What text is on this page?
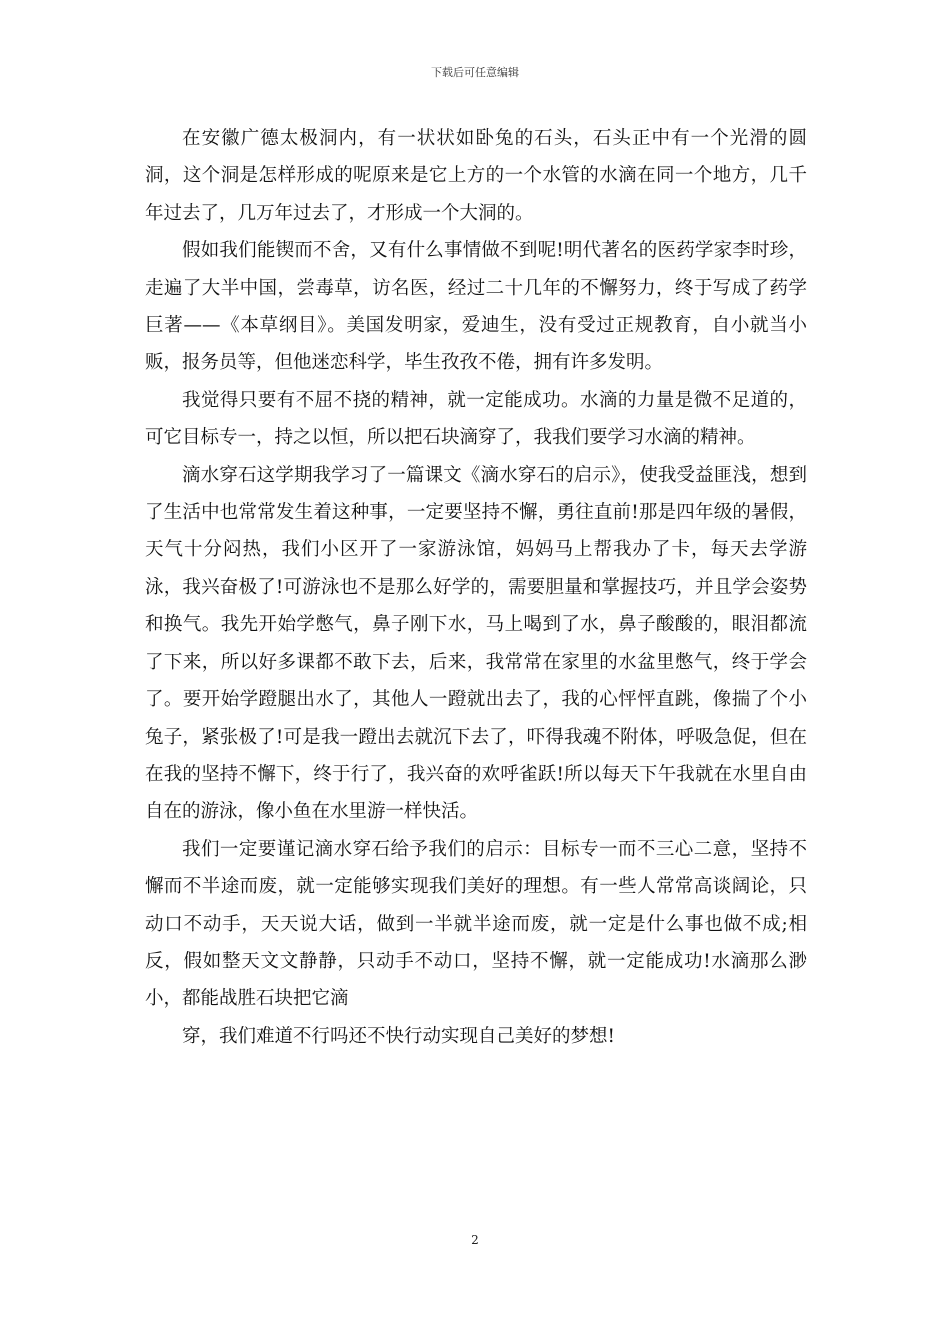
下载后可任意编辑

在安徽广德太极洞内，有一状状如卧兔的石头，石头正中有一个光滑的圆洞，这个洞是怎样形成的呢原来是它上方的一个水管的水滴在同一个地方，几千年过去了，几万年过去了，才形成一个大洞的。

假如我们能锲而不舍，又有什么事情做不到呢!明代著名的医药学家李时珍，走遍了大半中国，尝毒草，访名医，经过二十几年的不懈努力，终于写成了药学巨著——《本草纲目》。美国发明家，爱迪生，没有受过正规教育，自小就当小贩，报务员等，但他迷恋科学，毕生孜孜不倦，拥有许多发明。

我觉得只要有不屈不挠的精神，就一定能成功。水滴的力量是微不足道的，可它目标专一，持之以恒，所以把石块滴穿了，我我们要学习水滴的精神。

滴水穿石这学期我学习了一篇课文《滴水穿石的启示》，使我受益匪浅，想到了生活中也常常发生着这种事，一定要坚持不懈，勇往直前!那是四年级的暑假，天气十分闷热，我们小区开了一家游泳馆，妈妈马上帮我办了卡，每天去学游泳，我兴奋极了!可游泳也不是那么好学的，需要胆量和掌握技巧，并且学会姿势和换气。我先开始学憋气，鼻子刚下水，马上喝到了水，鼻子酸酸的，眼泪都流了下来，所以好多课都不敢下去，后来，我常常在家里的水盆里憋气，终于学会了。要开始学蹬腿出水了，其他人一蹬就出去了，我的心怦怦直跳，像揣了个小兔子，紧张极了!可是我一蹬出去就沉下去了，吓得我魂不附体，呼吸急促，但在在我的坚持不懈下，终于行了，我兴奋的欢呼雀跃!所以每天下午我就在水里自由自在的游泳，像小鱼在水里游一样快活。

我们一定要谨记滴水穿石给予我们的启示：目标专一而不三心二意，坚持不懈而不半途而废，就一定能够实现我们美好的理想。有一些人常常高谈阔论，只动口不动手，天天说大话，做到一半就半途而废，就一定是什么事也做不成;相反，假如整天文文静静，只动手不动口，坚持不懈，就一定能成功!水滴那么渺小，都能战胜石块把它滴

穿，我们难道不行吗还不快行动实现自己美好的梦想!

2
